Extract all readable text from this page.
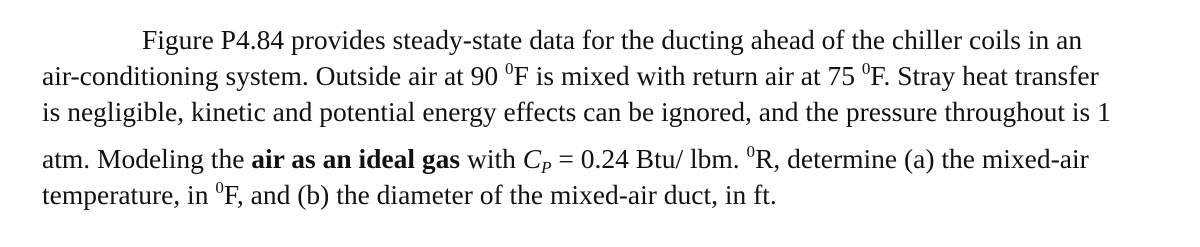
Figure P4.84 provides steady-state data for the ducting ahead of the chiller coils in an
air-conditioning system. Outside air at 90 $^0$F is mixed with return air at 75 $^0$F. Stray heat transfer
is negligible, kinetic and potential energy effects can be ignored, and the pressure throughout is 1
atm. Modeling the air as an ideal gas with $C_P = 0.24$ Btu/ lbm. $^0$R, determine (a) the mixed-air
temperature, in $^0$F, and (b) the diameter of the mixed-air duct, in ft.
